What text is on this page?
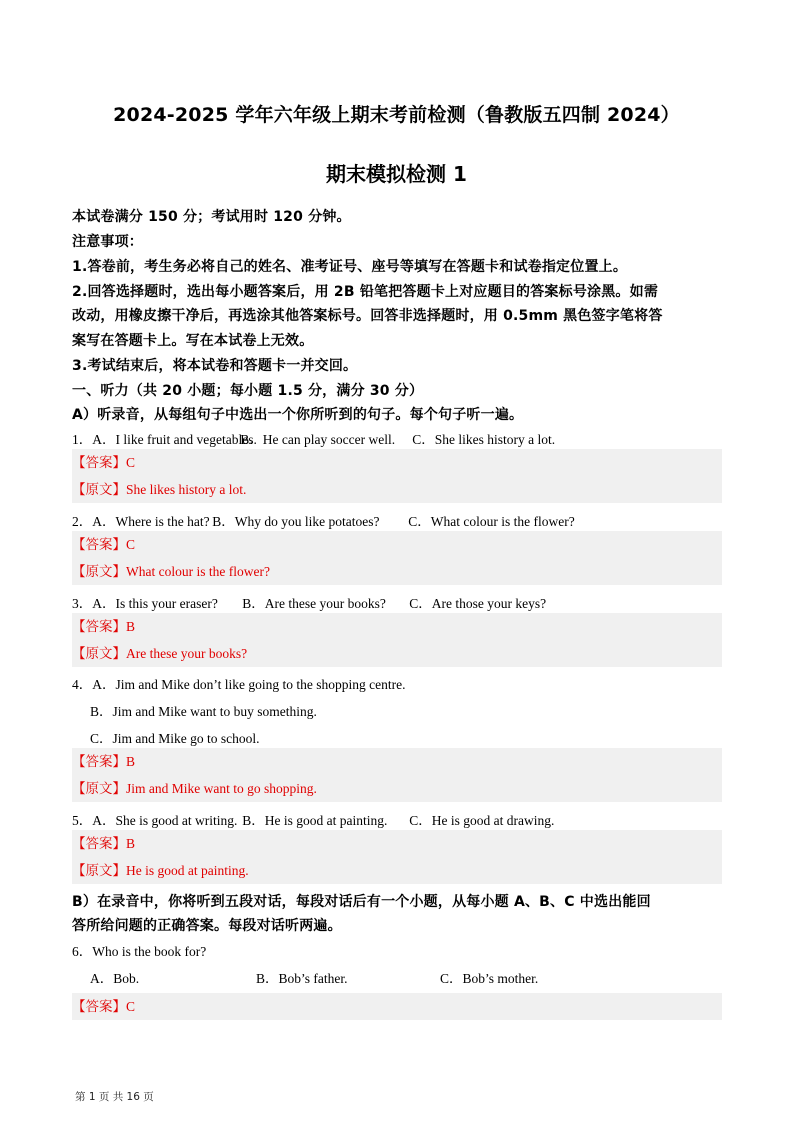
2024-2025 学年六年级上期末考前检测（鲁教版五四制 2024）
期末模拟检测 1
本试卷满分 150 分；考试用时 120 分钟。
注意事项：
1.答卷前，考生务必将自己的姓名、准考证号、座号等填写在答题卡和试卷指定位置上。
2.回答选择题时，选出每小题答案后，用 2B 铅笔把答题卡上对应题目的答案标号涂黑。如需
改动，用橡皮擦干净后，再选涂其他答案标号。回答非选择题时，用 0.5mm 黑色签字笔将答
案写在答题卡上。写在本试卷上无效。
3.考试结束后，将本试卷和答题卡一并交回。
一、听力（共 20 小题；每小题 1.5 分，满分 30 分）
A）听录音，从每组句子中选出一个你所听到的句子。每个句子听一遍。
1．A．I like fruit and vegetables.B．He can play soccer well. C．She likes history a lot.
【答案】C
【原文】She likes history a lot.
2．A．Where is the hat? B．Why do you like potatoes? C．What colour is the flower?
【答案】C
【原文】What colour is the flower?
3．A．Is this your eraser? B．Are these your books? C．Are those your keys?
【答案】B
【原文】Are these your books?
4．A．Jim and Mike don’t like going to the shopping centre.
B．Jim and Mike want to buy something.
C．Jim and Mike go to school.
【答案】B
【原文】Jim and Mike want to go shopping.
5．A．She is good at writing. B．He is good at painting. C．He is good at drawing.
【答案】B
【原文】He is good at painting.
B）在录音中，你将听到五段对话，每段对话后有一个小题，从每小题 A、B、C 中选出能回
答所给问题的正确答案。每段对话听两遍。
6．Who is the book for?
A．Bob.	B．Bob’s father.	C．Bob’s mother.
【答案】C
第 1 页 共 16 页
